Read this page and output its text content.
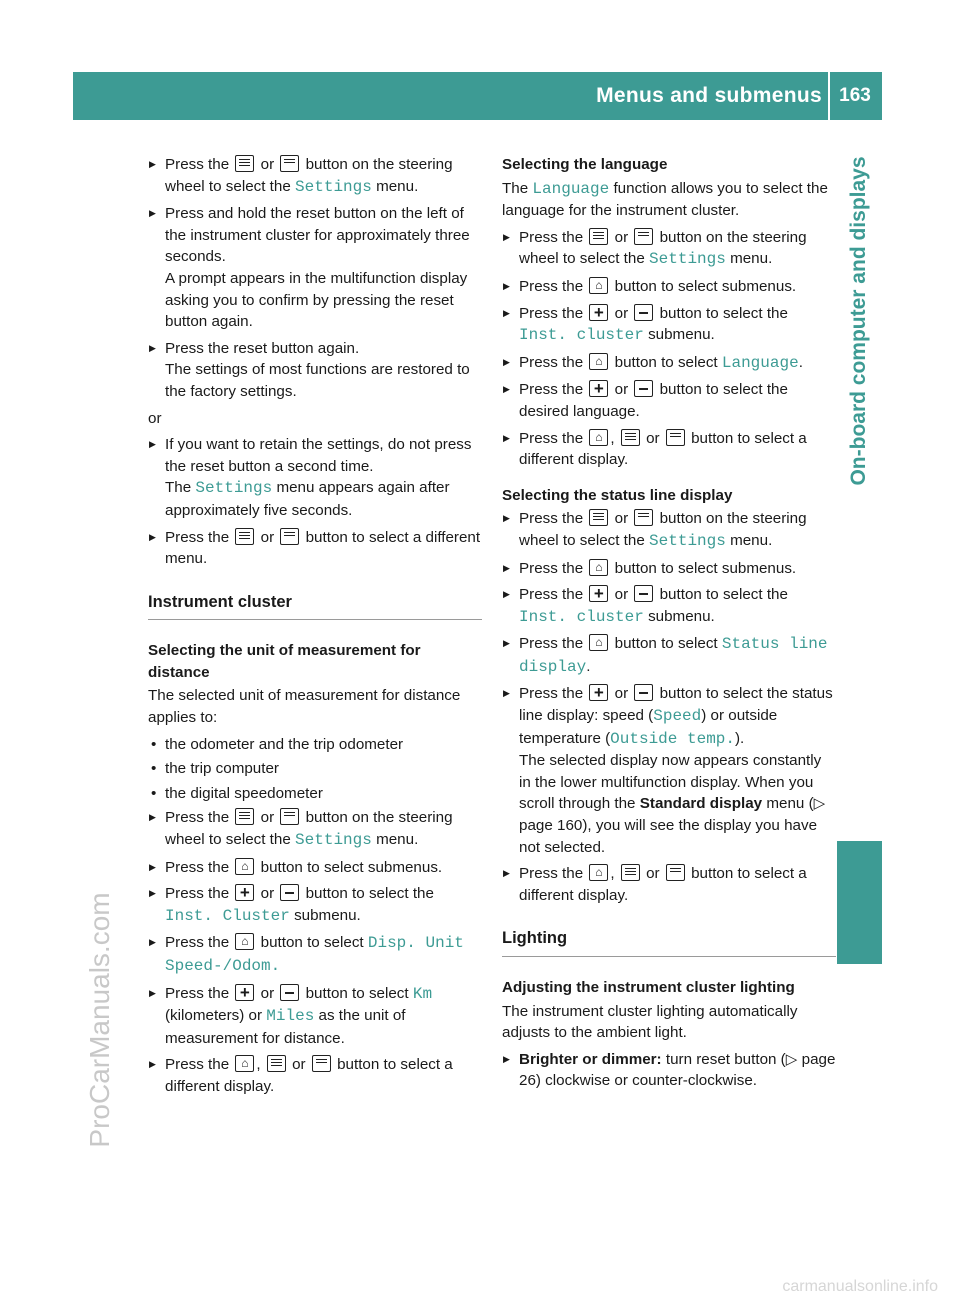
Menus and submenus 163
On-board computer and displays
ProCarManuals.com
carmanualsonline.info
▶ Press the or button on the steering wheel to select the Settings menu.
▶ Press and hold the reset button on the left of the instrument cluster for approximately three seconds.
A prompt appears in the multifunction display asking you to confirm by pressing the reset button again.
▶ Press the reset button again.
The settings of most functions are restored to the factory settings.
or
▶ If you want to retain the settings, do not press the reset button a second time.
The Settings menu appears again after approximately five seconds.
▶ Press the or button to select a different menu.
Instrument cluster
Selecting the unit of measurement for distance
The selected unit of measurement for distance applies to:
• the odometer and the trip odometer
• the trip computer
• the digital speedometer
▶ Press the or button on the steering wheel to select the Settings menu.
▶ Press the ⌂ button to select submenus.
▶ Press the + or button to select the Inst. Cluster submenu.
▶ Press the ⌂ button to select Disp. Unit Speed-/Odom.
▶ Press the + or button to select Km (kilometers) or Miles as the unit of measurement for distance.
▶ Press the ⌂ , or button to select a different display.
Selecting the language
The Language function allows you to select the language for the instrument cluster.
▶ Press the or button on the steering wheel to select the Settings menu.
▶ Press the ⌂ button to select submenus.
▶ Press the + or button to select the Inst. cluster submenu.
▶ Press the ⌂ button to select Language.
▶ Press the + or button to select the desired language.
▶ Press the ⌂ , or button to select a different display.
Selecting the status line display
▶ Press the or button on the steering wheel to select the Settings menu.
▶ Press the ⌂ button to select submenus.
▶ Press the + or button to select the Inst. cluster submenu.
▶ Press the ⌂ button to select Status line display.
▶ Press the + or button to select the status line display: speed (Speed) or outside temperature (Outside temp.).
The selected display now appears constantly in the lower multifunction display. When you scroll through the Standard display menu (▷ page 160), you will see the display you have not selected.
▶ Press the ⌂ , or button to select a different display.
Lighting
Adjusting the instrument cluster lighting
The instrument cluster lighting automatically adjusts to the ambient light.
▶ Brighter or dimmer: turn reset button (▷ page 26) clockwise or counter-clockwise.
